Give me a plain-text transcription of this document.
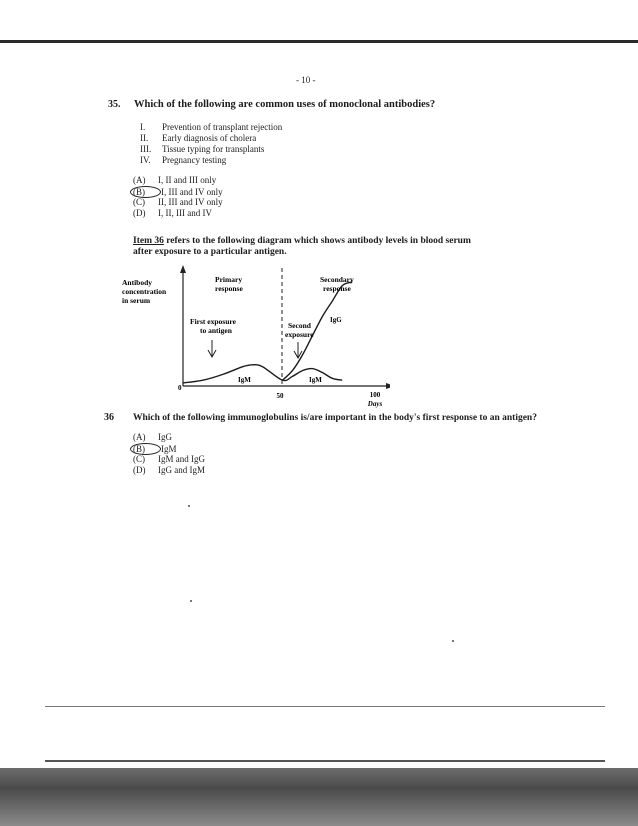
- 10 -
35. Which of the following are common uses of monoclonal antibodies?
I. Prevention of transplant rejection
II. Early diagnosis of cholera
III. Tissue typing for transplants
IV. Pregnancy testing
(A) I, II and III only
(B) I, III and IV only
(C) II, III and IV only
(D) I, II, III and IV
Item 36 refers to the following diagram which shows antibody levels in blood serum after exposure to a particular antigen.
Antibody concentration in serum
0
50	100
Days
Primary response
Secondary response
First exposure to antigen
Second exposure
IgM	IgM
IgG
36 Which of the following immunoglobulins is/are important in the body's first response to an antigen?
(A) IgG
(B) IgM
(C) IgM and IgG
(D) IgG and IgM
